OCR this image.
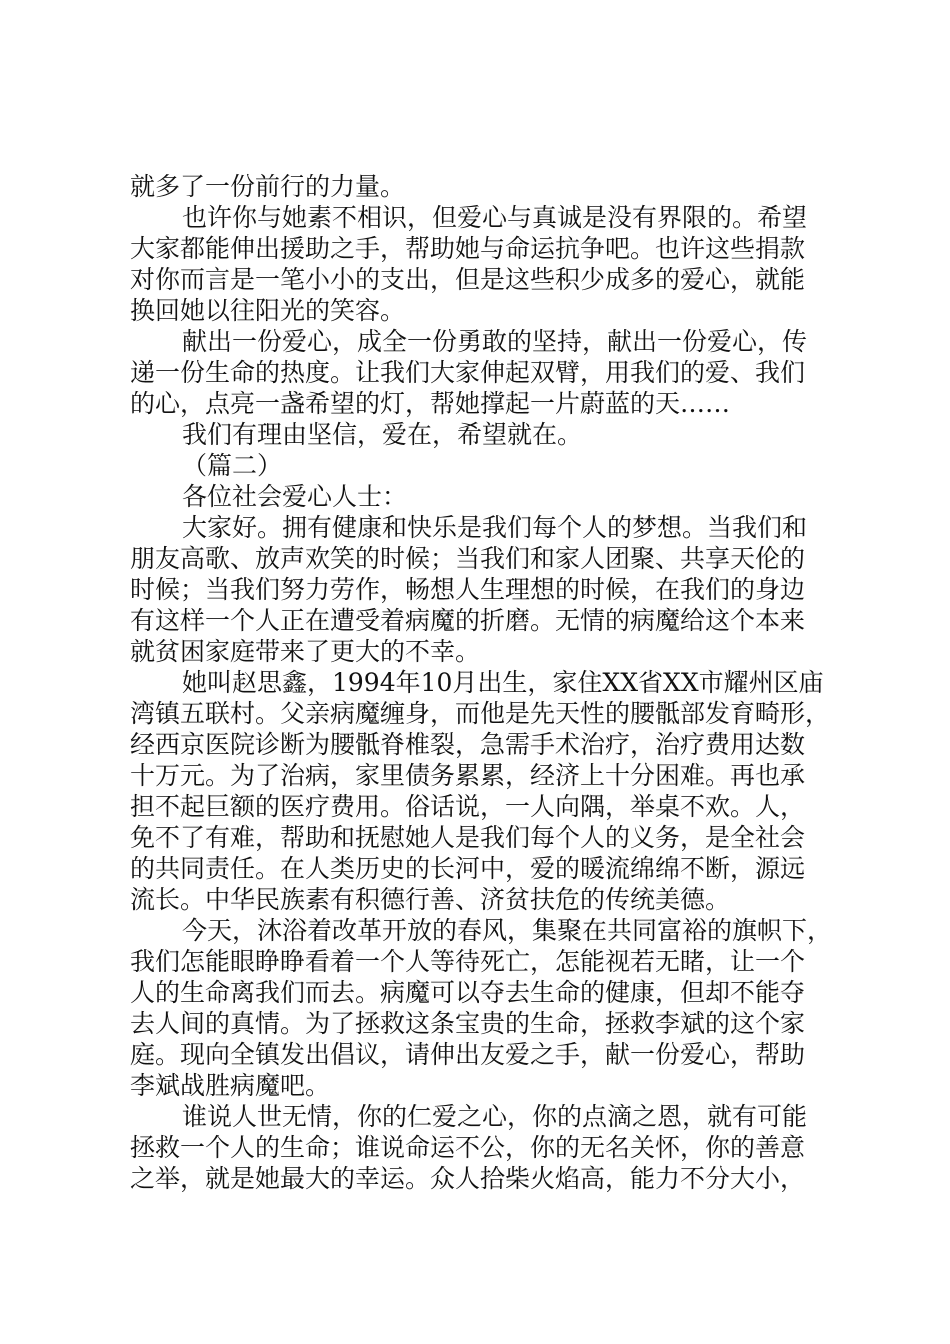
就多了一份前行的力量。
也许你与她素不相识，但爱心与真诚是没有界限的。希望
大家都能伸出援助之手，帮助她与命运抗争吧。也许这些捐款
对你而言是一笔小小的支出，但是这些积少成多的爱心，就能
换回她以往阳光的笑容。
献出一份爱心，成全一份勇敢的坚持，献出一份爱心，传
递一份生命的热度。让我们大家伸起双臂，用我们的爱、我们
的心，点亮一盏希望的灯，帮她撑起一片蔚蓝的天……
我们有理由坚信，爱在，希望就在。
（篇二）
各位社会爱心人士：
大家好。拥有健康和快乐是我们每个人的梦想。当我们和
朋友高歌、放声欢笑的时候；当我们和家人团聚、共享天伦的
时候；当我们努力劳作，畅想人生理想的时候，在我们的身边
有这样一个人正在遭受着病魔的折磨。无情的病魔给这个本来
就贫困家庭带来了更大的不幸。
她叫赵思鑫，1994年10月出生，家住XX省XX市耀州区庙
湾镇五联村。父亲病魔缠身，而他是先天性的腰骶部发育畸形，
经西京医院诊断为腰骶脊椎裂，急需手术治疗，治疗费用达数
十万元。为了治病，家里债务累累，经济上十分困难。再也承
担不起巨额的医疗费用。俗话说，一人向隅，举桌不欢。人，
免不了有难，帮助和抚慰她人是我们每个人的义务，是全社会
的共同责任。在人类历史的长河中，爱的暖流绵绵不断，源远
流长。中华民族素有积德行善、济贫扶危的传统美德。
今天，沐浴着改革开放的春风，集聚在共同富裕的旗帜下，
我们怎能眼睁睁看着一个人等待死亡，怎能视若无睹，让一个
人的生命离我们而去。病魔可以夺去生命的健康，但却不能夺
去人间的真情。为了拯救这条宝贵的生命，拯救李斌的这个家
庭。现向全镇发出倡议，请伸出友爱之手，献一份爱心，帮助
李斌战胜病魔吧。
谁说人世无情，你的仁爱之心，你的点滴之恩，就有可能
拯救一个人的生命；谁说命运不公，你的无名关怀，你的善意
之举，就是她最大的幸运。众人拾柴火焰高，能力不分大小，
